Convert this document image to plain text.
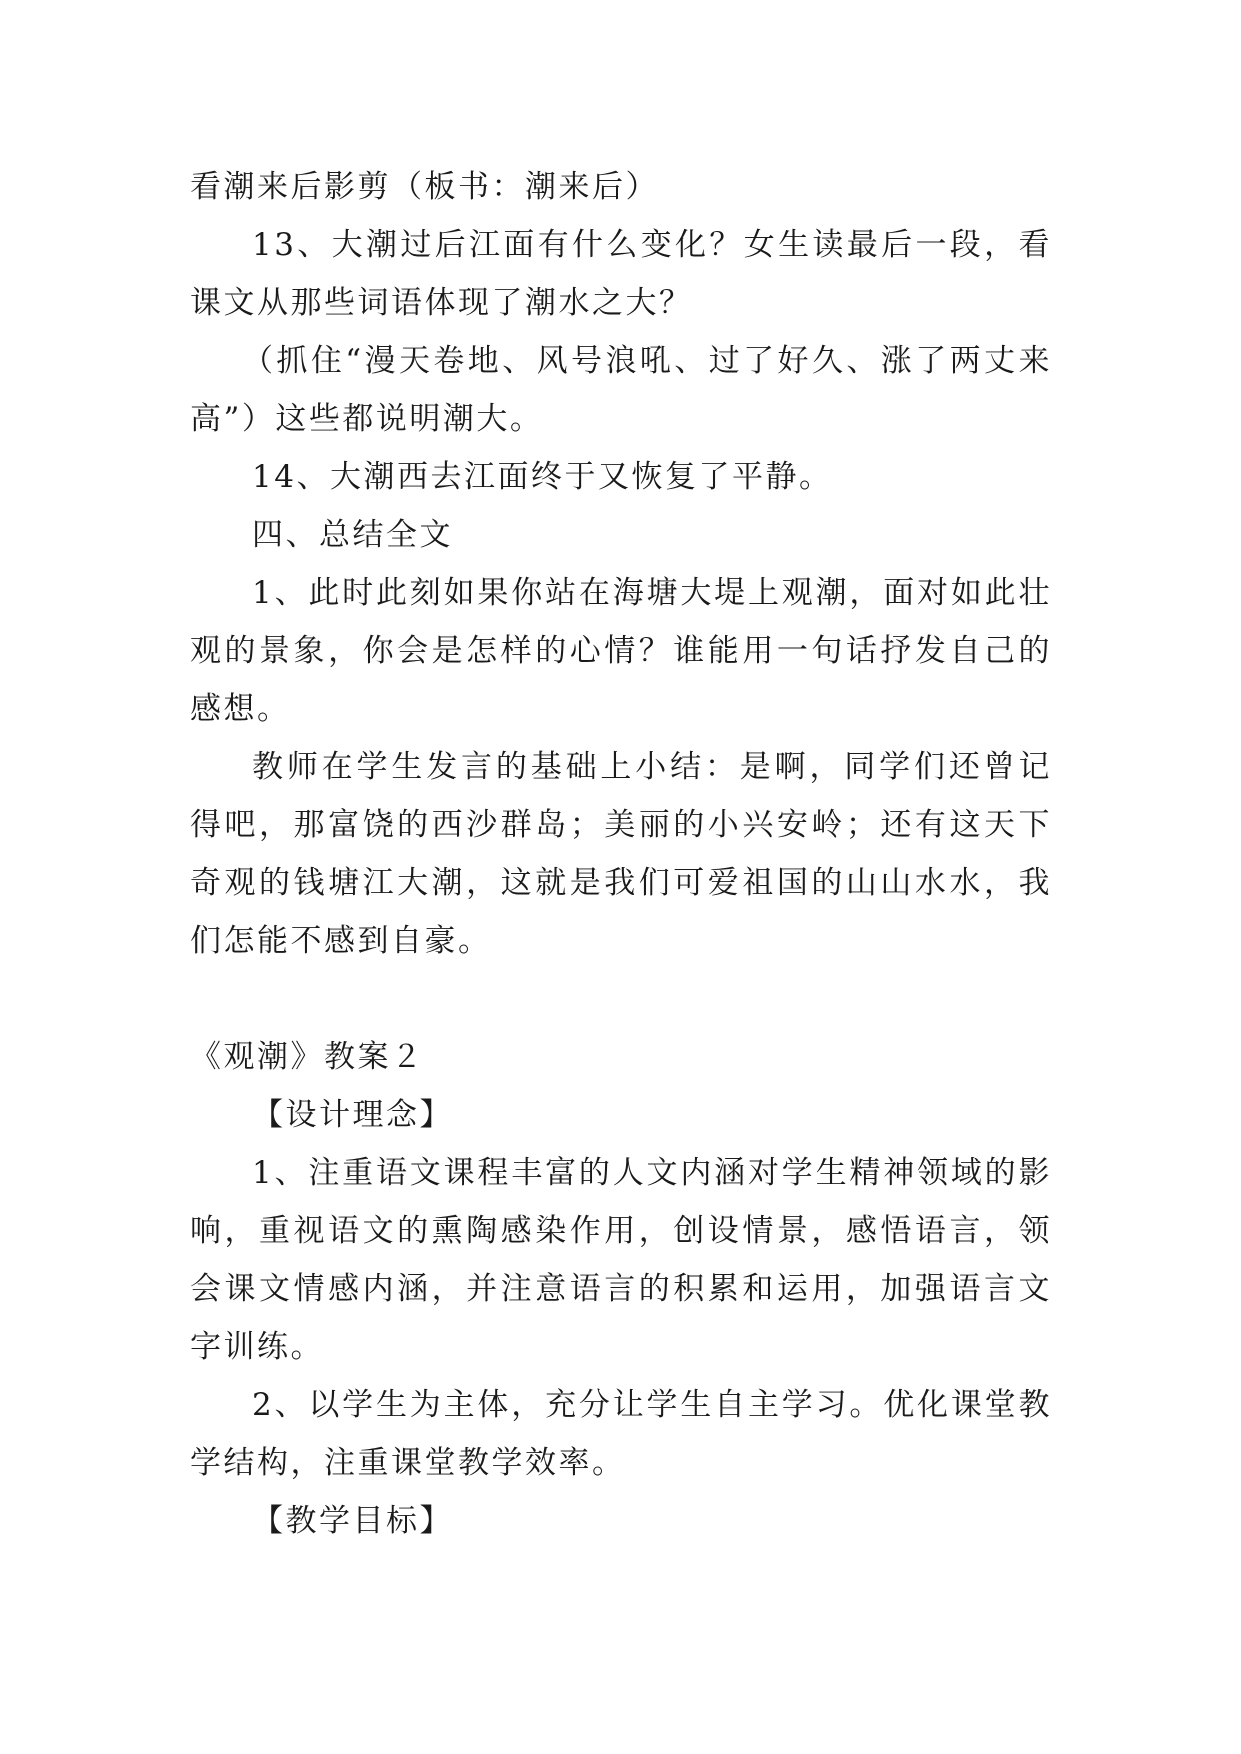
看潮来后影剪（板书：潮来后）

13、大潮过后江面有什么变化？女生读最后一段，看课文从那些词语体现了潮水之大？

（抓住“漫天卷地、风号浪吼、过了好久、涨了两丈来高”）这些都说明潮大。

14、大潮西去江面终于又恢复了平静。

四、总结全文

1、此时此刻如果你站在海塘大堤上观潮，面对如此壮观的景象，你会是怎样的心情？谁能用一句话抒发自己的感想。

教师在学生发言的基础上小结：是啊，同学们还曾记得吧，那富饶的西沙群岛；美丽的小兴安岭；还有这天下奇观的钱塘江大潮，这就是我们可爱祖国的山山水水，我们怎能不感到自豪。

《观潮》教案２

【设计理念】

1、注重语文课程丰富的人文内涵对学生精神领域的影响，重视语文的熏陶感染作用，创设情景，感悟语言，领会课文情感内涵，并注意语言的积累和运用，加强语言文字训练。

2、以学生为主体，充分让学生自主学习。优化课堂教学结构，注重课堂教学效率。

【教学目标】
